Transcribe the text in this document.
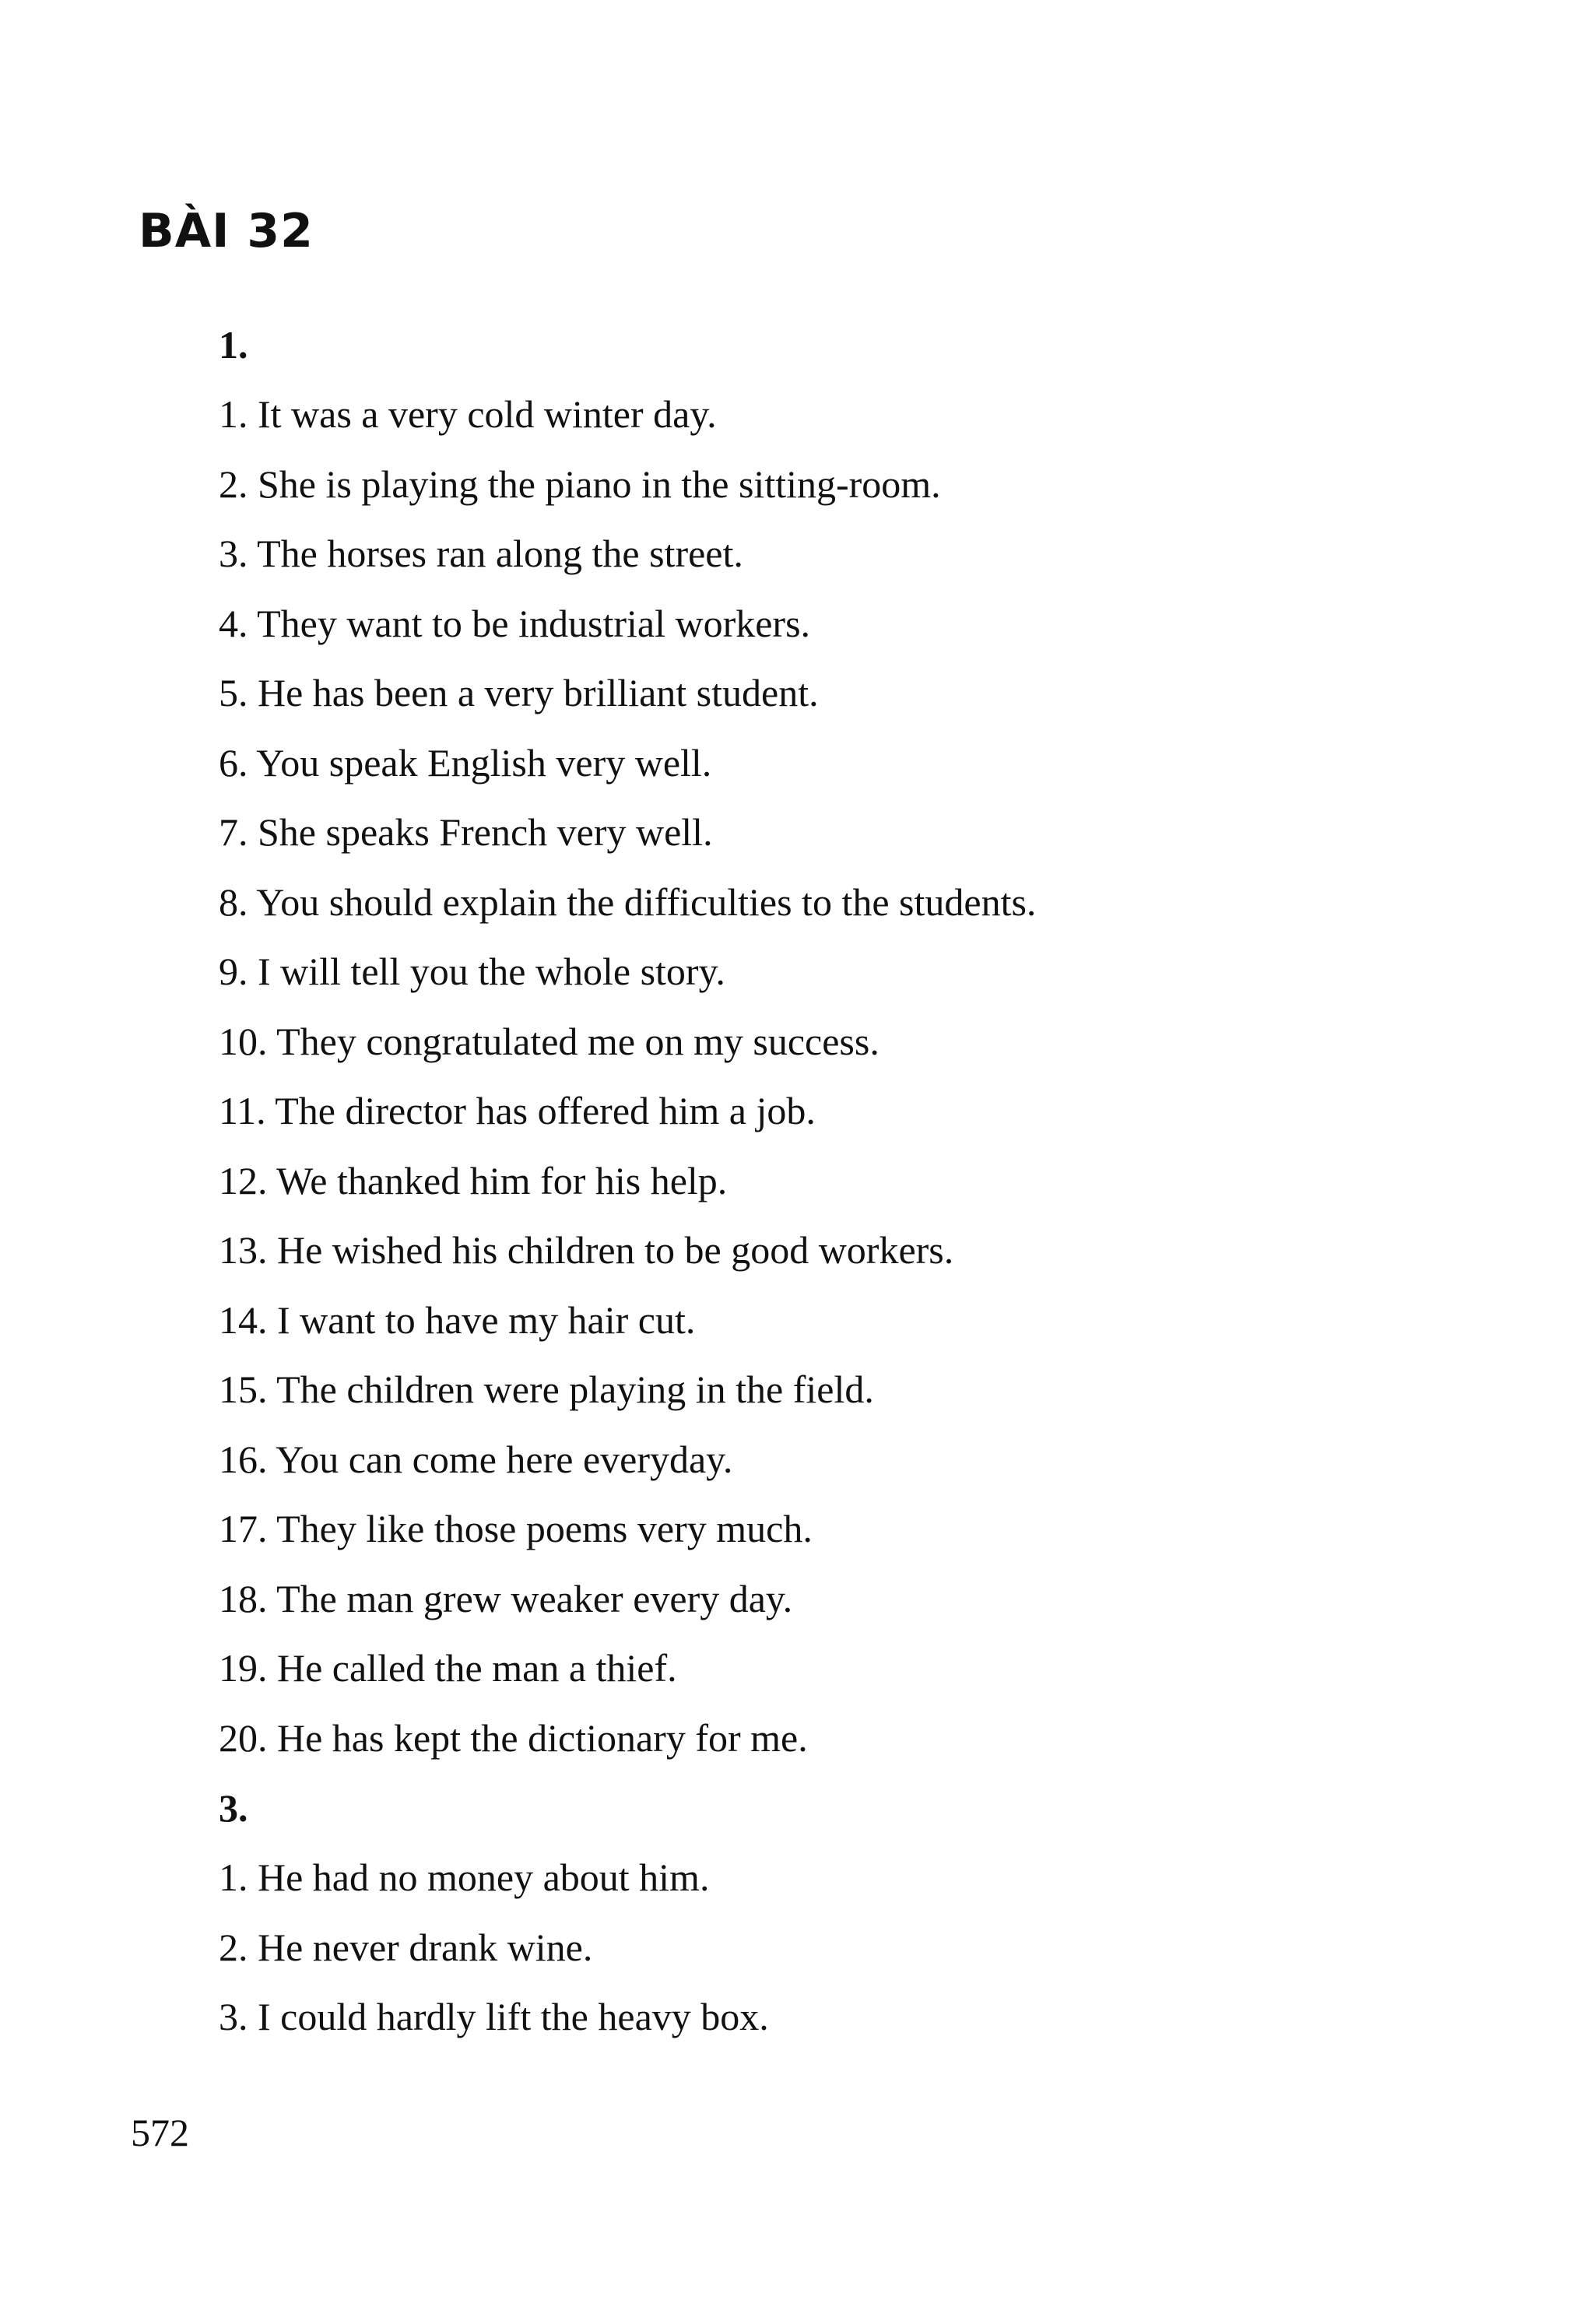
BÀI 32
1.
1. It was a very cold winter day.
2. She is playing the piano in the sitting-room.
3. The horses ran along the street.
4. They want to be industrial workers.
5. He has been a very brilliant student.
6. You speak English very well.
7. She speaks French very well.
8. You should explain the difficulties to the students.
9. I will tell you the whole story.
10. They congratulated me on my success.
11. The director has offered him a job.
12. We thanked him for his help.
13. He wished his children to be good workers.
14. I want to have my hair cut.
15. The children were playing in the field.
16. You can come here everyday.
17. They like those poems very much.
18. The man grew weaker every day.
19. He called the man a thief.
20. He has kept the dictionary for me.
3.
1. He had no money about him.
2. He never drank wine.
3. I could hardly lift the heavy box.
572
